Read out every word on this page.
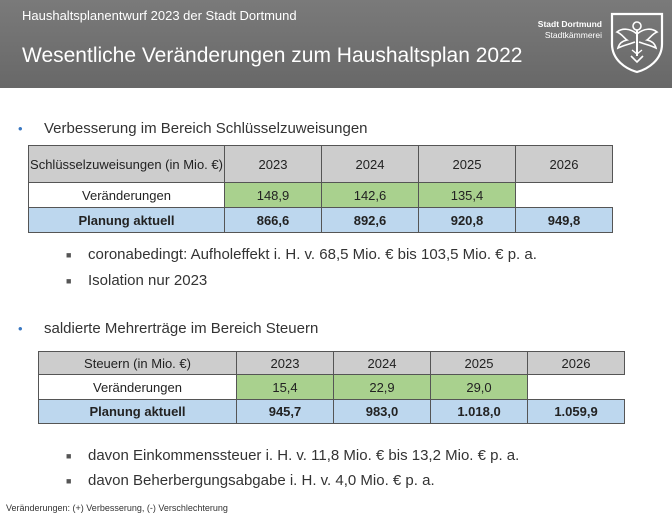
Haushaltsplanentwurf 2023 der Stadt Dortmund
Wesentliche Veränderungen zum Haushaltsplan 2022
Stadt Dortmund
Stadtkämmerei
• Verbesserung im Bereich Schlüsselzuweisungen
Schlüsselzuweisungen (in Mio. €)	2023	2024	2025	2026
Veränderungen	148,9	142,6	135,4	
Planung aktuell	866,6	892,6	920,8	949,8
■ coronabedingt: Aufholeffekt i. H. v. 68,5 Mio. € bis 103,5 Mio. € p. a.
■ Isolation nur 2023
• saldierte Mehrerträge im Bereich Steuern
Steuern (in Mio. €)	2023	2024	2025	2026
Veränderungen	15,4	22,9	29,0	
Planung aktuell	945,7	983,0	1.018,0	1.059,9
■ davon Einkommenssteuer i. H. v. 11,8 Mio. € bis 13,2 Mio. € p. a.
■ davon Beherbergungsabgabe i. H. v. 4,0 Mio. € p. a.
Veränderungen: (+) Verbesserung, (-) Verschlechterung
